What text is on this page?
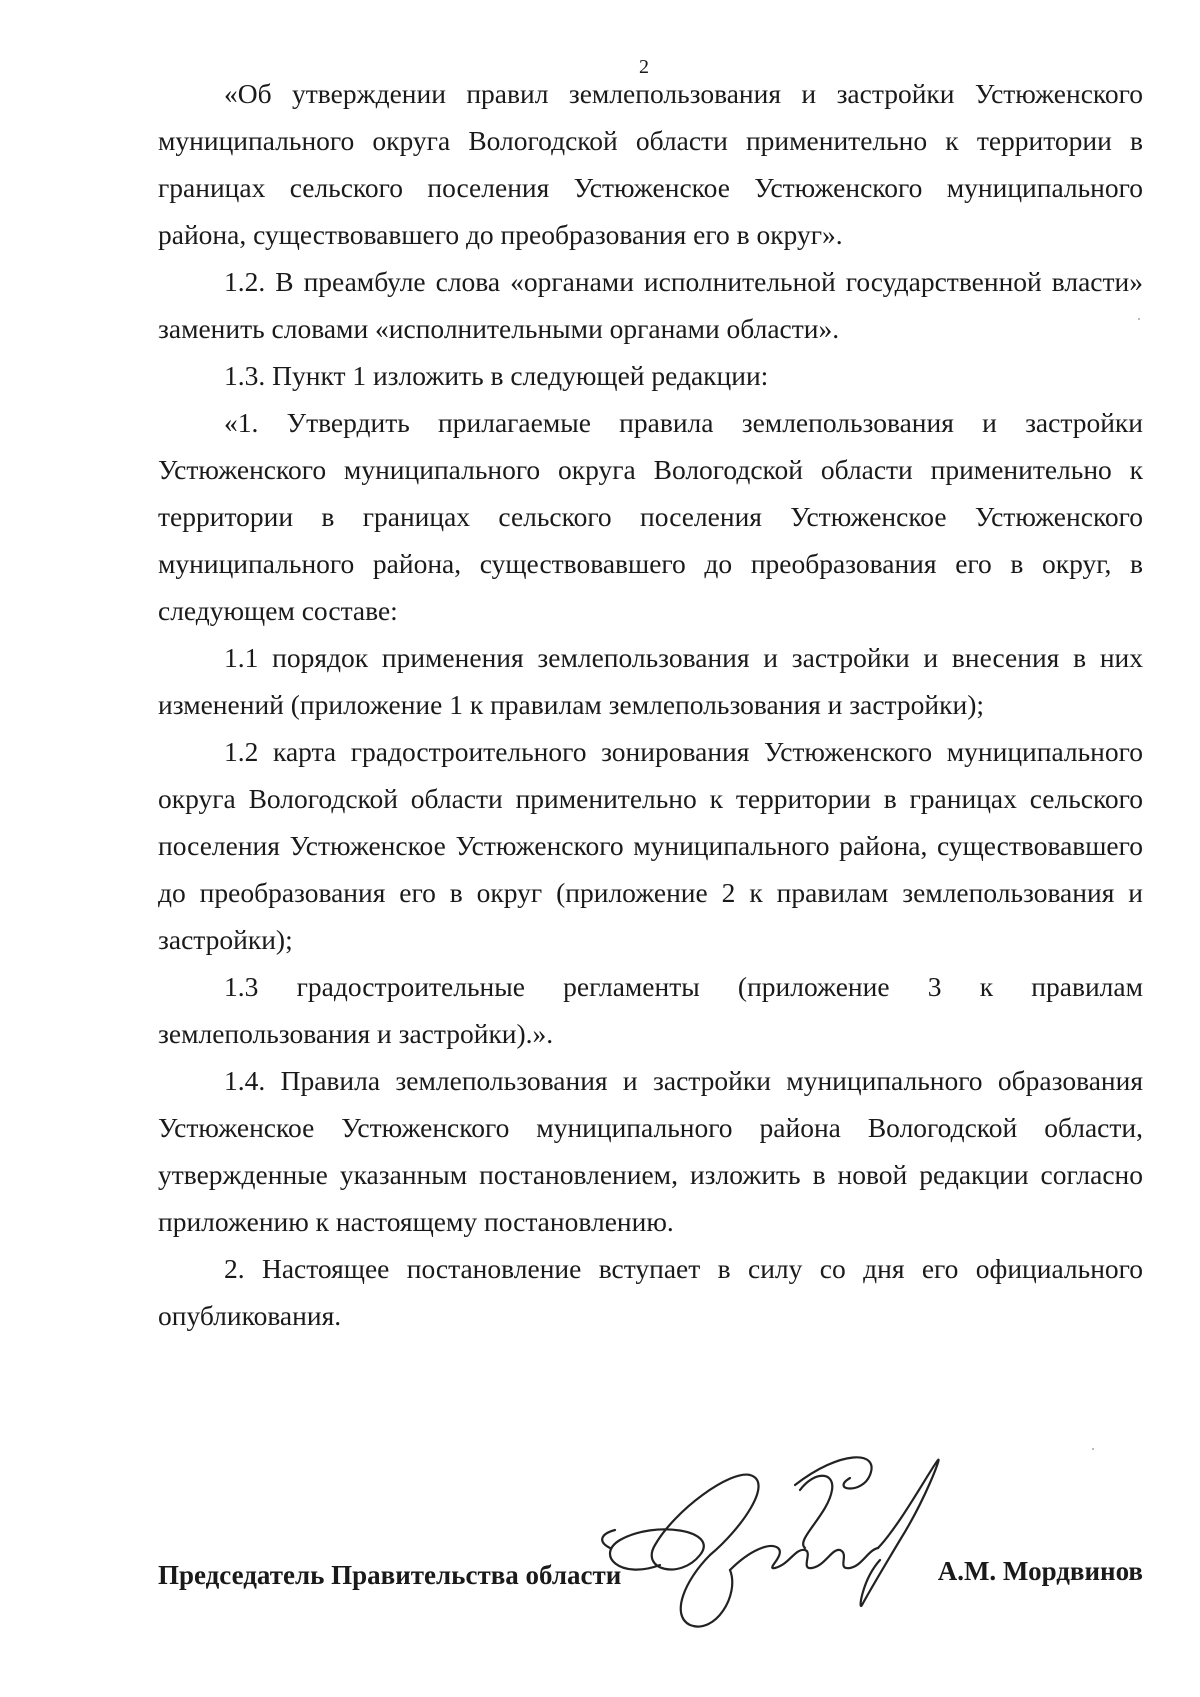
2

«Об утверждении правил землепользования и застройки Устюженского муниципального округа Вологодской области применительно к территории в границах сельского поселения Устюженское Устюженского муниципального района, существовавшего до преобразования его в округ».

1.2. В преамбуле слова «органами исполнительной государственной власти» заменить словами «исполнительными органами области».

1.3. Пункт 1 изложить в следующей редакции:

«1. Утвердить прилагаемые правила землепользования и застройки Устюженского муниципального округа Вологодской области применительно к территории в границах сельского поселения Устюженское Устюженского муниципального района, существовавшего до преобразования его в округ, в следующем составе:

1.1 порядок применения землепользования и застройки и внесения в них изменений (приложение 1 к правилам землепользования и застройки);

1.2 карта градостроительного зонирования Устюженского муниципального округа Вологодской области применительно к территории в границах сельского поселения Устюженское Устюженского муниципального района, существовавшего до преобразования его в округ (приложение 2 к правилам землепользования и застройки);

1.3 градостроительные регламенты (приложение 3 к правилам землепользования и застройки).».

1.4. Правила землепользования и застройки муниципального образования Устюженское Устюженского муниципального района Вологодской области, утвержденные указанным постановлением, изложить в новой редакции согласно приложению к настоящему постановлению.

2. Настоящее постановление вступает в силу со дня его официального опубликования.

Председатель Правительства области	А.М. Мордвинов
